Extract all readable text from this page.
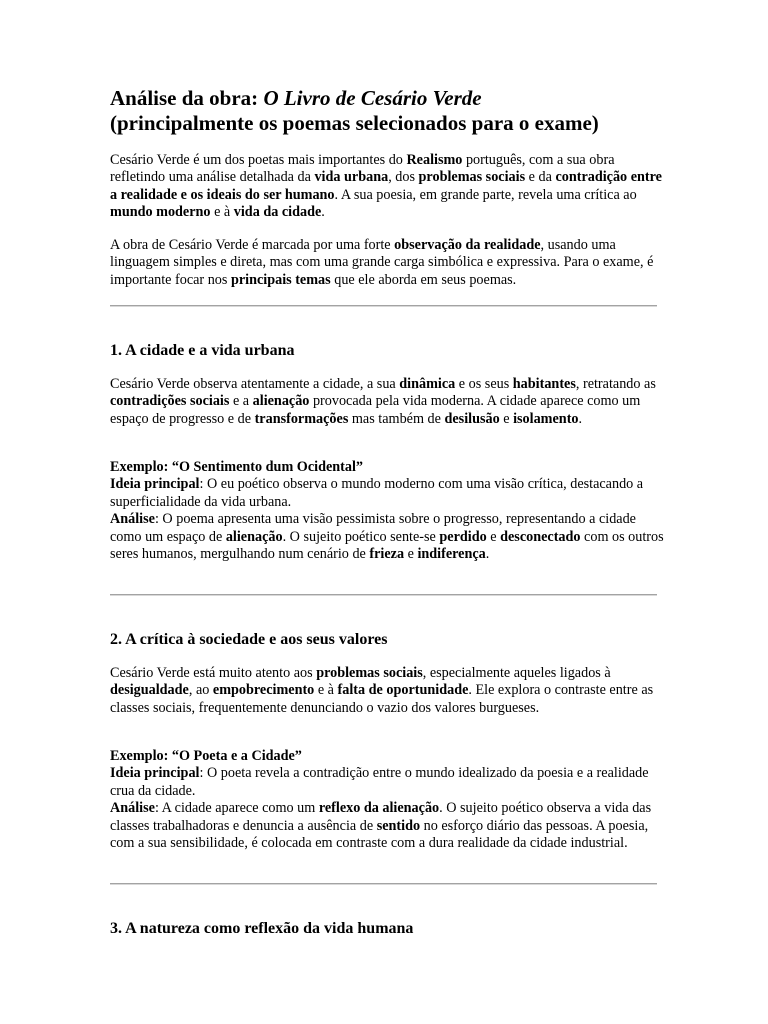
Análise da obra: O Livro de Cesário Verde
(principalmente os poemas selecionados para o exame)

Cesário Verde é um dos poetas mais importantes do Realismo português, com a sua obra refletindo uma análise detalhada da vida urbana, dos problemas sociais e da contradição entre a realidade e os ideais do ser humano. A sua poesia, em grande parte, revela uma crítica ao mundo moderno e à vida da cidade.

A obra de Cesário Verde é marcada por uma forte observação da realidade, usando uma linguagem simples e direta, mas com uma grande carga simbólica e expressiva. Para o exame, é importante focar nos principais temas que ele aborda em seus poemas.

1. A cidade e a vida urbana

Cesário Verde observa atentamente a cidade, a sua dinâmica e os seus habitantes, retratando as contradições sociais e a alienação provocada pela vida moderna. A cidade aparece como um espaço de progresso e de transformações mas também de desilusão e isolamento.

Exemplo: “O Sentimento dum Ocidental”
Ideia principal: O eu poético observa o mundo moderno com uma visão crítica, destacando a superficialidade da vida urbana.
Análise: O poema apresenta uma visão pessimista sobre o progresso, representando a cidade como um espaço de alienação. O sujeito poético sente-se perdido e desconectado com os outros seres humanos, mergulhando num cenário de frieza e indiferença.
2. A crítica à sociedade e aos seus valores

Cesário Verde está muito atento aos problemas sociais, especialmente aqueles ligados à desigualdade, ao empobrecimento e à falta de oportunidade. Ele explora o contraste entre as classes sociais, frequentemente denunciando o vazio dos valores burgueses.

Exemplo: “O Poeta e a Cidade”
Ideia principal: O poeta revela a contradição entre o mundo idealizado da poesia e a realidade crua da cidade.
Análise: A cidade aparece como um reflexo da alienação. O sujeito poético observa a vida das classes trabalhadoras e denuncia a ausência de sentido no esforço diário das pessoas. A poesia, com a sua sensibilidade, é colocada em contraste com a dura realidade da cidade industrial.
3. A natureza como reflexão da vida humana
